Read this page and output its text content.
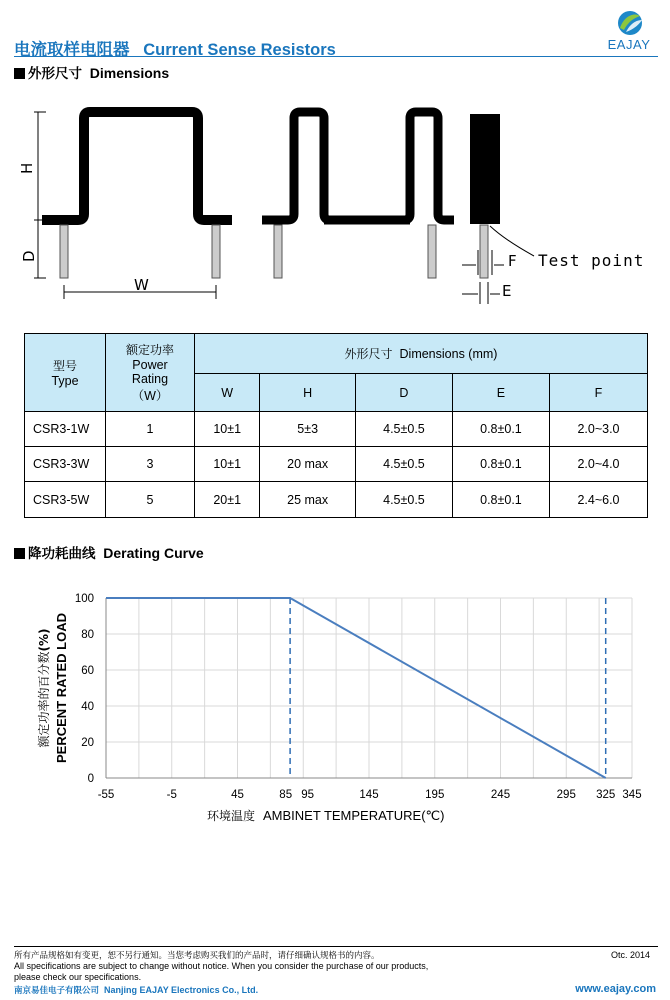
电流取样电阻器 Current Sense Resistors	EAJAY
外形尺寸 Dimensions
H
D
W
F Test point
E
型号
Type	额定功率
Power
Rating
（W）	外形尺寸 Dimensions (mm)				
		W	H	D	E	F
CSR3-1W	1	10±1	5±3	4.5±0.5	0.8±0.1	2.0~3.0
CSR3-3W	3	10±1	20 max	4.5±0.5	0.8±0.1	2.0~4.0
CSR3-5W	5	20±1	25 max	4.5±0.5	0.8±0.1	2.4~6.0
降功耗曲线 Derating Curve
0
20
40
60
80
100
-55	-5	45	85 95	145	195	245	295 325 345
PERCENT RATED LOAD
额定功率的百分数(%)
环境温度 AMBINET TEMPERATURE(℃)
所有产品规格如有变更，恕不另行通知。当您考虑购买我们的产品时，请仔细确认规格书的内容。	Otc. 2014
All specifications are subject to change without notice. When you consider the purchase of our products,
please check our specifications.
南京易佳电子有限公司 Nanjing EAJAY Electronics Co., Ltd.	www.eajay.com
